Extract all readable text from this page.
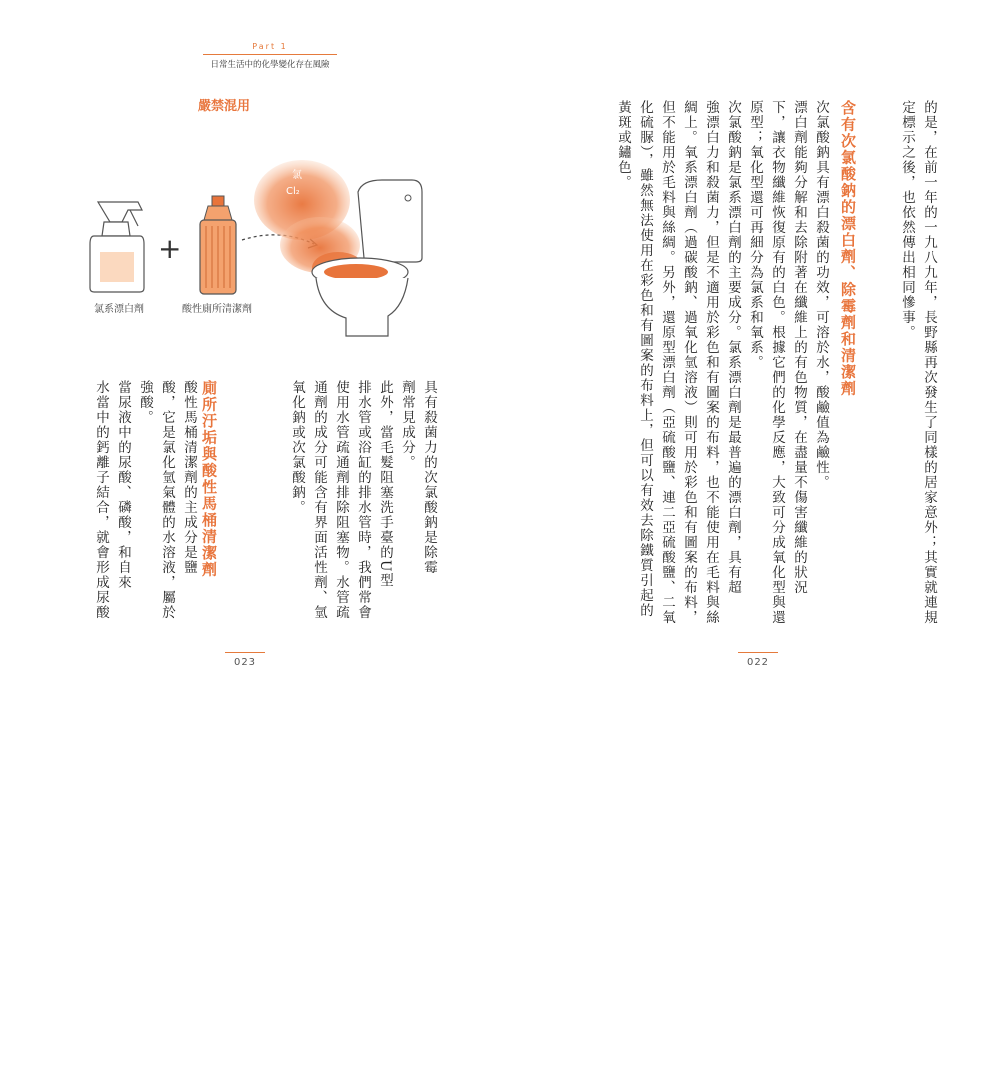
Part 1
日常生活中的化學變化存在風險
嚴禁混用
+
氯
Cl₂
氯系漂白劑	酸性廁所清潔劑
具有殺菌力的次氯酸鈉是除霉
劑常見成分。
此外，當毛髮阻塞洗手臺的U型
排水管或浴缸的排水管時，我們常會
使用水管疏通劑排除阻塞物。水管疏
通劑的成分可能含有界面活性劑、氫
氧化鈉或次氯酸鈉。
廁所汙垢與酸性馬桶清潔劑
酸性馬桶清潔劑的主成分是鹽
酸，它是氯化氫氣體的水溶液，屬於
強酸。
當尿液中的尿酸、磷酸，和自來
水當中的鈣離子結合，就會形成尿酸
023
的是，在前一年的一九八九年，長野縣再次發生了同樣的居家意外；其實就連規
定標示之後，也依然傳出相同慘事。
含有次氯酸鈉的漂白劑、除霉劑和清潔劑
次氯酸鈉具有漂白殺菌的功效，可溶於水，酸鹼值為鹼性。
漂白劑能夠分解和去除附著在纖維上的有色物質，在盡量不傷害纖維的狀況
下，讓衣物纖維恢復原有的白色。根據它們的化學反應，大致可分成氧化型與還
原型；氧化型還可再細分為氯系和氧系。
次氯酸鈉是氯系漂白劑的主要成分。氯系漂白劑是最普遍的漂白劑，具有超
強漂白力和殺菌力，但是不適用於彩色和有圖案的布料，也不能使用在毛料與絲
綢上。氧系漂白劑（過碳酸鈉、過氧化氫溶液）則可用於彩色和有圖案的布料，
但不能用於毛料與絲綢。另外，還原型漂白劑（亞硫酸鹽、連二亞硫酸鹽、二氧
化硫脲），雖然無法使用在彩色和有圖案的布料上，但可以有效去除鐵質引起的
黃斑或鏽色。
022
